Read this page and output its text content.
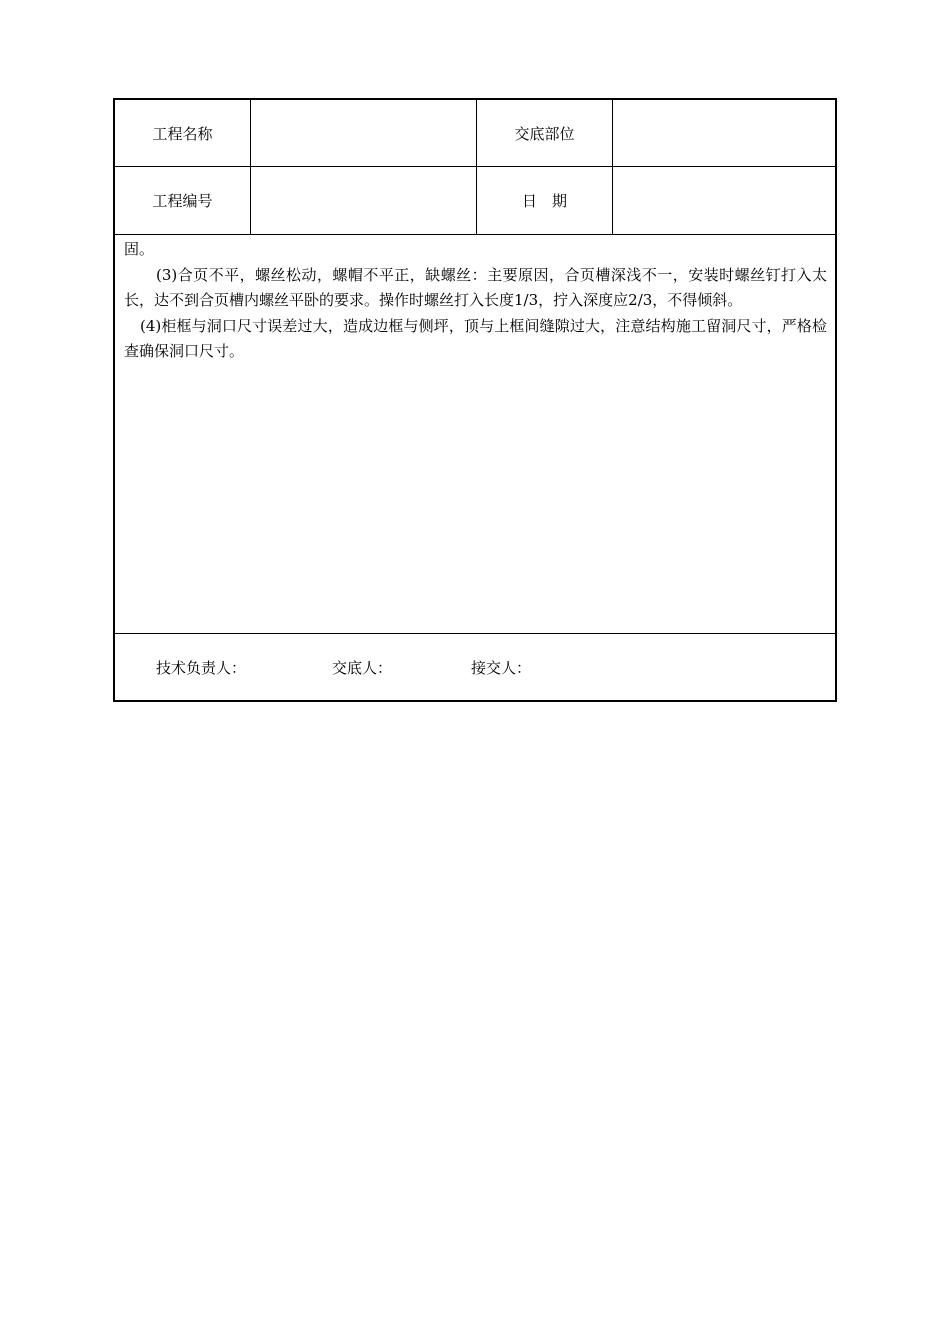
工程名称	交底部位
工程编号	日　期

固。

(3)合页不平，螺丝松动，螺帽不平正，缺螺丝：主要原因，合页槽深浅不一，安装时螺丝钉打入太长，达不到合页槽内螺丝平卧的要求。操作时螺丝打入长度1/3，拧入深度应2/3，不得倾斜。

(4)柜框与洞口尺寸误差过大，造成边框与侧坪，顶与上框间缝隙过大，注意结构施工留洞尺寸，严格检查确保洞口尺寸。

技术负责人：	交底人：	接交人：
